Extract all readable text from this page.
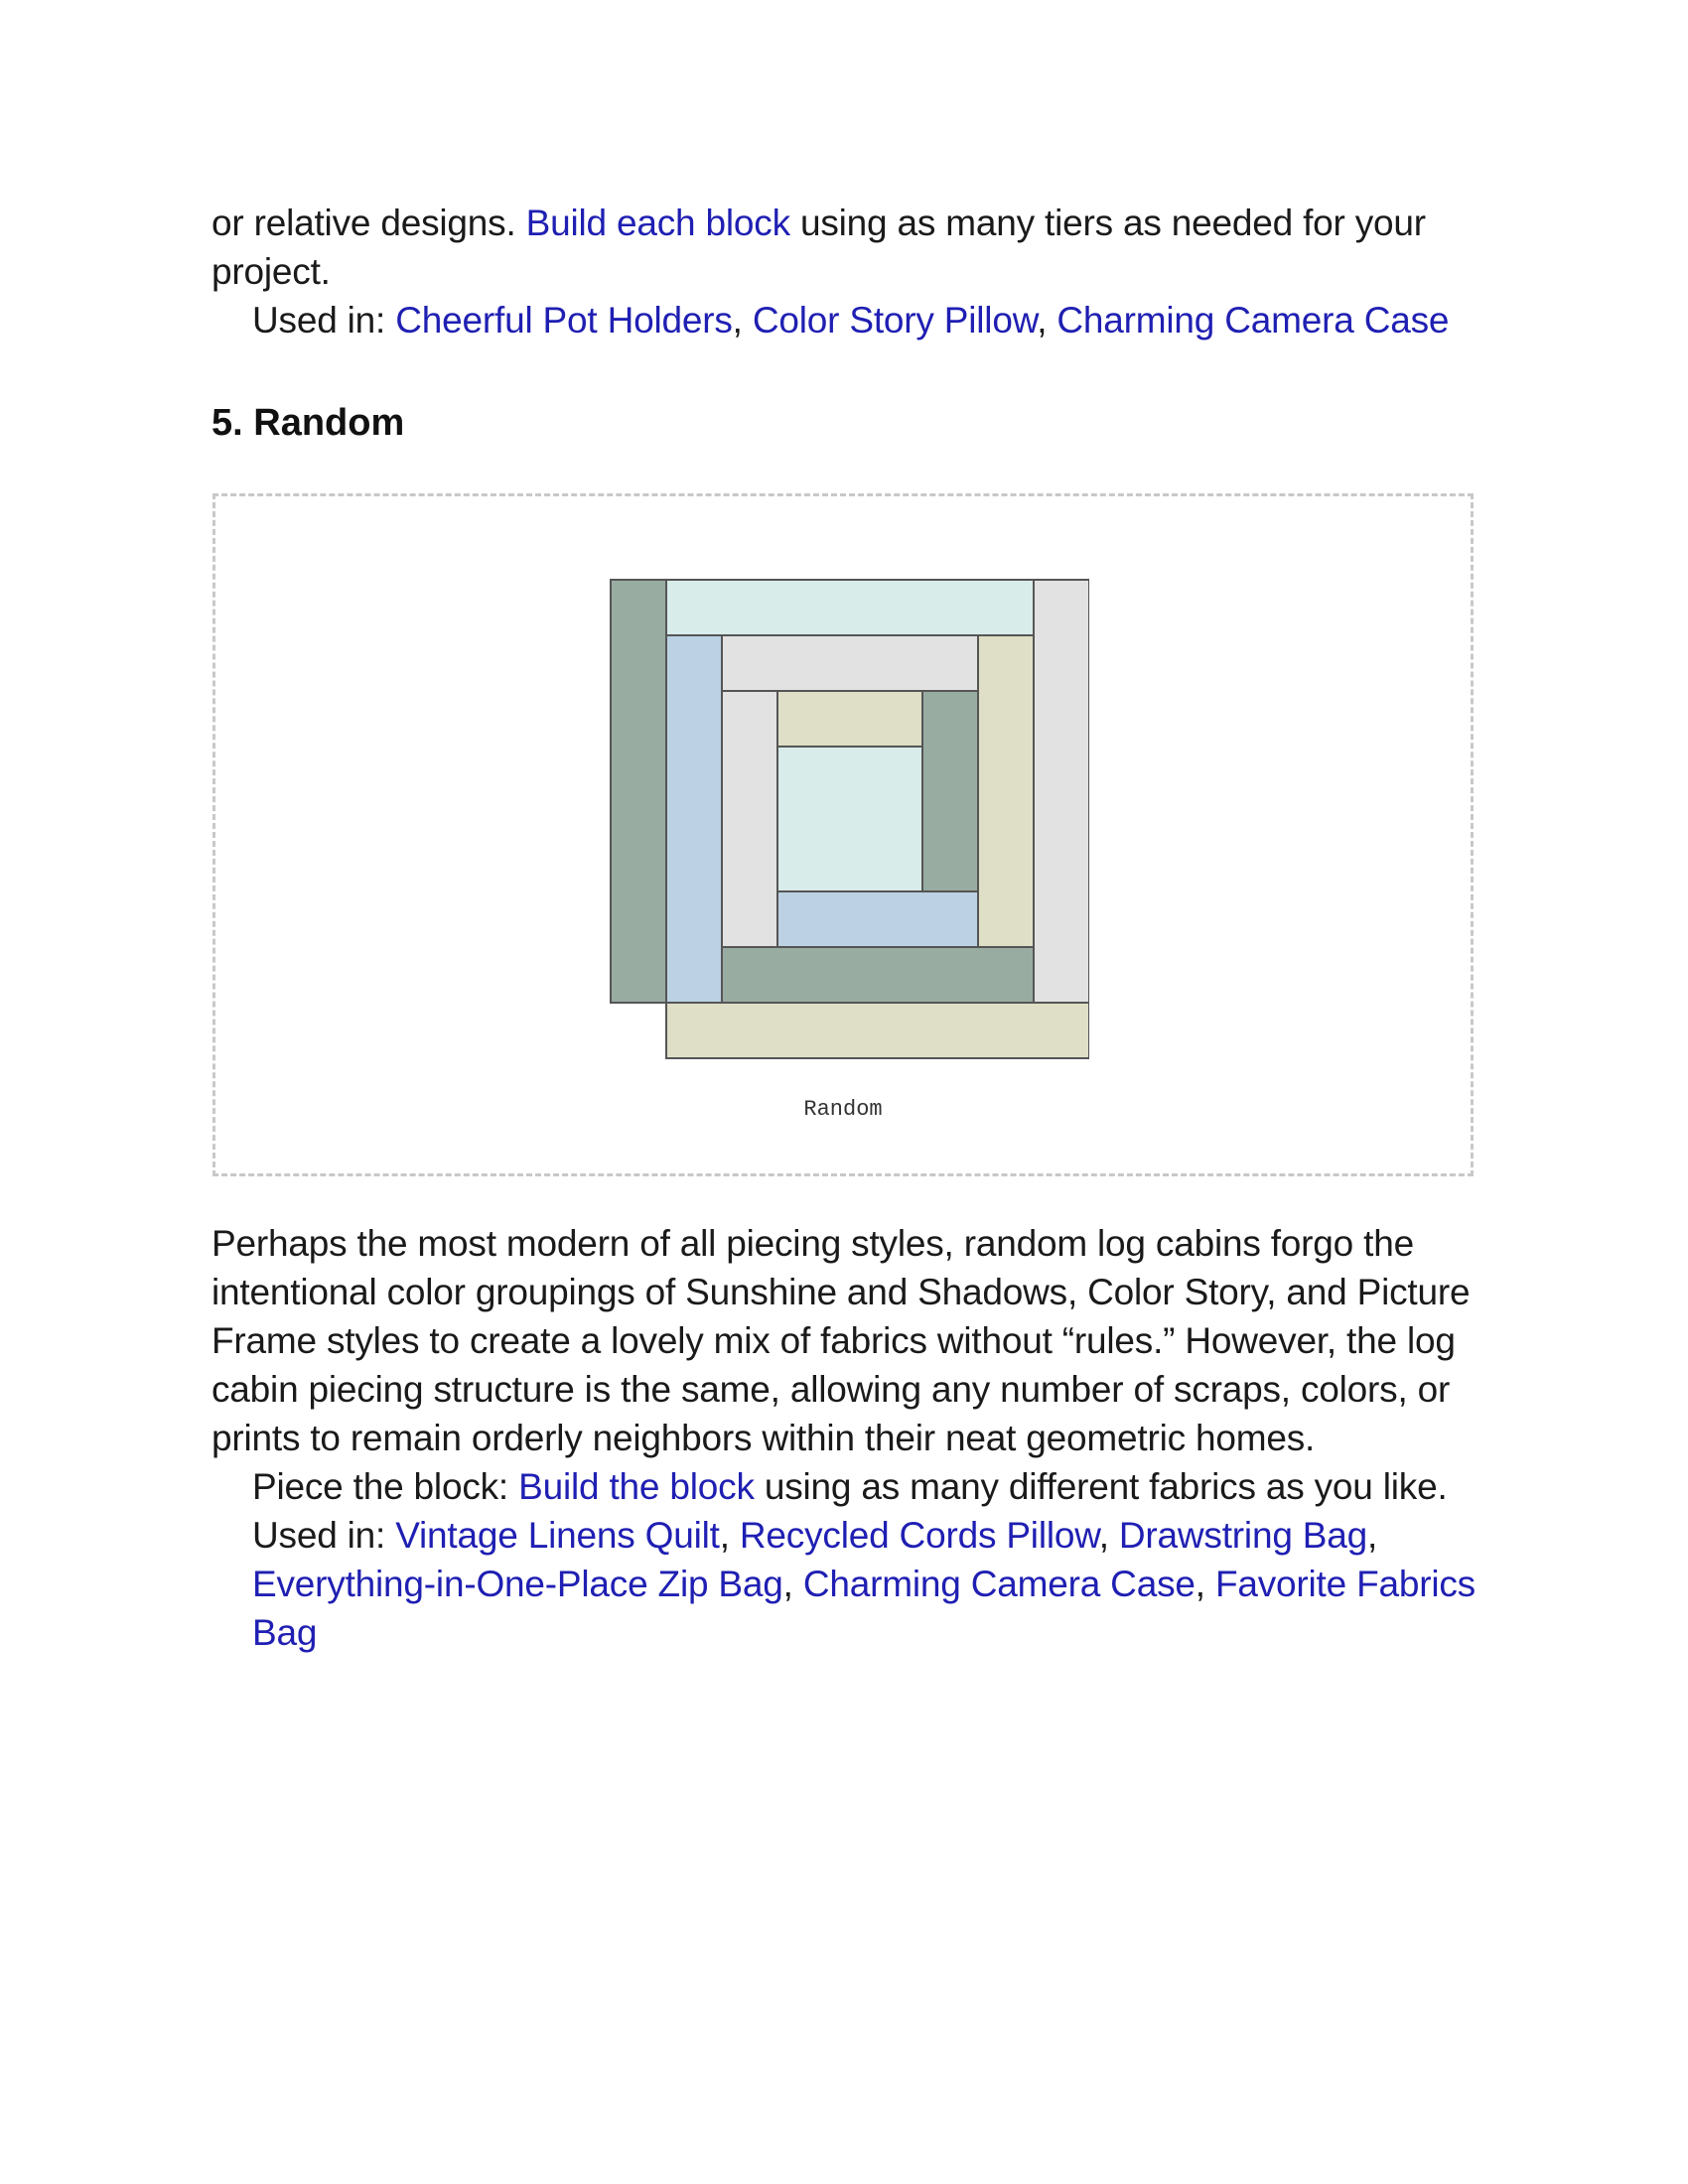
or relative designs. Build each block using as many tiers as needed for your project.

Used in: Cheerful Pot Holders, Color Story Pillow, Charming Camera Case

5. Random
Random

Perhaps the most modern of all piecing styles, random log cabins forgo the intentional color groupings of Sunshine and Shadows, Color Story, and Picture Frame styles to create a lovely mix of fabrics without “rules.” However, the log cabin piecing structure is the same, allowing any number of scraps, colors, or prints to remain orderly neighbors within their neat geometric homes.

Piece the block: Build the block using as many different fabrics as you like.

Used in: Vintage Linens Quilt, Recycled Cords Pillow, Drawstring Bag, Everything-in-One-Place Zip Bag, Charming Camera Case, Favorite Fabrics Bag
